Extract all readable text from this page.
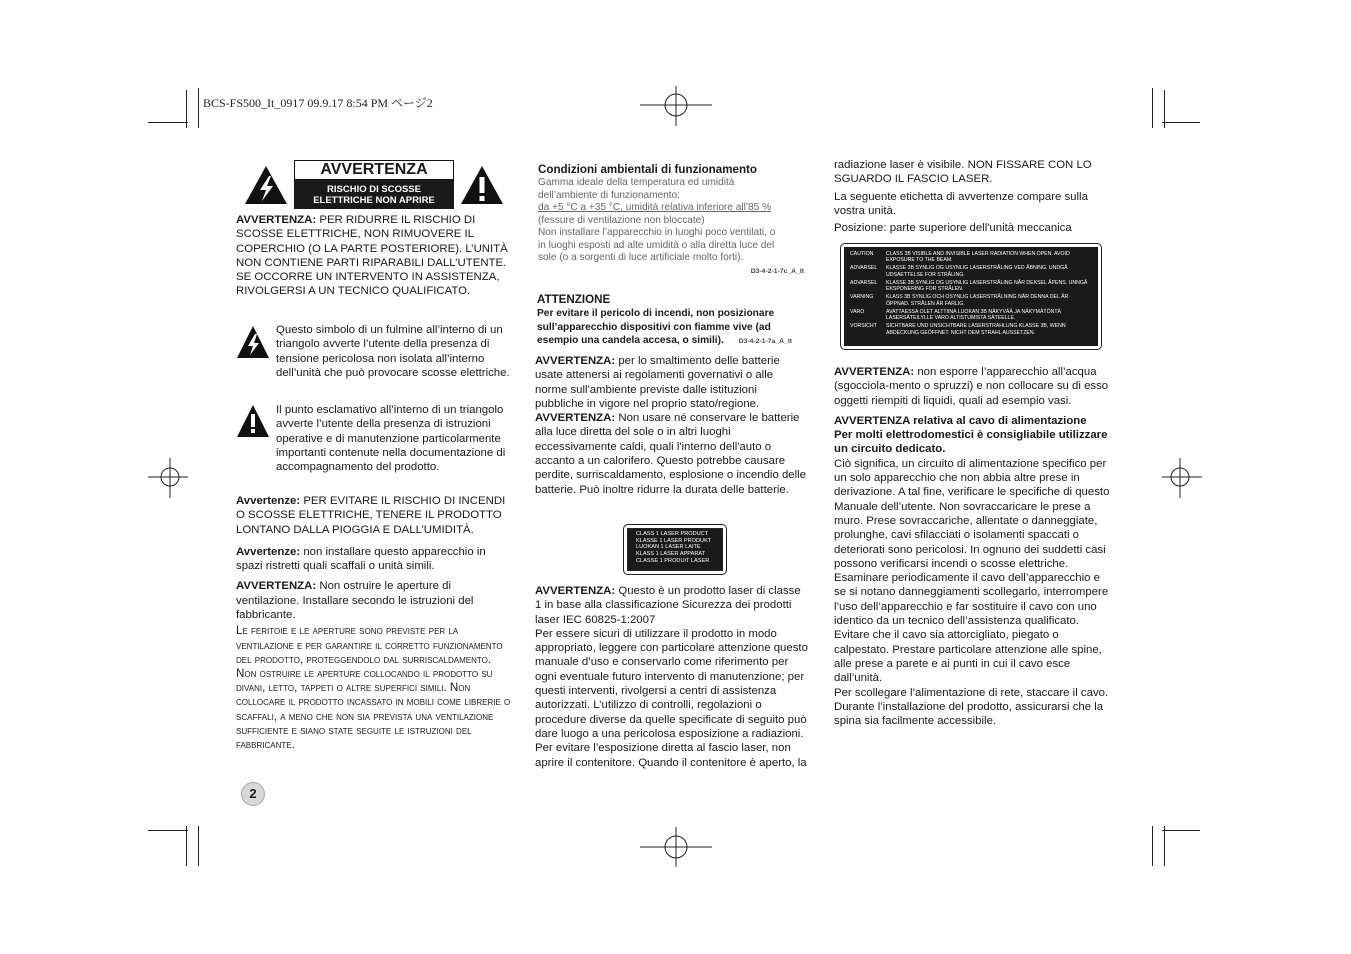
BCS-FS500_It_0917 09.9.17 8:54 PM ページ2
AVVERTENZA
RISCHIO DI SCOSSE
ELETTRICHE NON APRIRE

AVVERTENZA: PER RIDURRE IL RISCHIO DI SCOSSE ELETTRICHE, NON RIMUOVERE IL COPERCHIO (O LA PARTE POSTERIORE). L’UNITÀ NON CONTIENE PARTI RIPARABILI DALL’UTENTE. SE OCCORRE UN INTERVENTO IN ASSISTENZA, RIVOLGERSI A UN TECNICO QUALIFICATO.

Questo simbolo di un fulmine all’interno di un triangolo avverte l’utente della presenza di tensione pericolosa non isolata all’interno dell’unità che può provocare scosse elettriche.
Il punto esclamativo all’interno di un triangolo avverte l’utente della presenza di istruzioni operative e di manutenzione particolarmente importanti contenute nella documentazione di accompagnamento del prodotto.

Avvertenze: PER EVITARE IL RISCHIO DI INCENDI O SCOSSE ELETTRICHE, TENERE IL PRODOTTO LONTANO DALLA PIOGGIA E DALL’UMIDITÀ.

Avvertenze: non installare questo apparecchio in spazi ristretti quali scaffali o unità simili.

AVVERTENZA: Non ostruire le aperture di ventilazione. Installare secondo le istruzioni del fabbricante.

Le feritoie e le aperture sono previste per la ventilazione e per garantire il corretto funzionamento del prodotto, proteggendolo dal surriscaldamento. Non ostruire le aperture collocando il prodotto su divani, letto, tappeti o altre superfici simili. Non collocare il prodotto incassato in mobili come librerie o scaffali, a meno che non sia prevista una ventilazione sufficiente e siano state seguite le istruzioni del fabbricante.

2

Condizioni ambientali di funzionamento

Gamma ideale della temperatura ed umidità
dell’ambiente di funzionamento:
da +5 °C a +35 °C, umidità relativa inferiore all’85 %
(fessure di ventilazione non bloccate)
Non installare l’apparecchio in luoghi poco ventilati, o
in luoghi esposti ad alte umidità o alla diretta luce del
sole (o a sorgenti di luce artificiale molto forti).
D3-4-2-1-7c_A_It

ATTENZIONE

Per evitare il pericolo di incendi, non posizionare sull’apparecchio dispositivi con fiamme vive (ad esempio una candela accesa, o simili). D3-4-2-1-7a_A_It

AVVERTENZA: per lo smaltimento delle batterie usate attenersi ai regolamenti governativi o alle norme sull'ambiente previste dalle istituzioni pubbliche in vigore nel proprio stato/regione.

AVVERTENZA: Non usare né conservare le batterie alla luce diretta del sole o in altri luoghi eccessivamente caldi, quali l'interno dell'auto o accanto a un calorifero. Questo potrebbe causare perdite, surriscaldamento, esplosione o incendio delle batterie. Può inoltre ridurre la durata delle batterie.

CLASS 1 LASER PRODUCT
KLASSE 1 LASER PRODUKT
LUOKAN 1 LASER LAITE
KLASS 1 LASER APPARAT
CLASSE 1 PRODUIT LASER

AVVERTENZA: Questo è un prodotto laser di classe 1 in base alla classificazione Sicurezza dei prodotti laser IEC 60825-1:2007

Per essere sicuri di utilizzare il prodotto in modo appropriato, leggere con particolare attenzione questo manuale d’uso e conservarlo come riferimento per ogni eventuale futuro intervento di manutenzione; per questi interventi, rivolgersi a centri di assistenza autorizzati. L’utilizzo di controlli, regolazioni o procedure diverse da quelle specificate di seguito può dare luogo a una pericolosa esposizione a radiazioni. Per evitare l’esposizione diretta al fascio laser, non aprire il contenitore. Quando il contenitore è aperto, la

radiazione laser è visibile. NON FISSARE CON LO SGUARDO IL FASCIO LASER.

La seguente etichetta di avvertenze compare sulla vostra unità.

Posizione: parte superiore dell'unità meccanica

CAUTION	CLASS 3B VISIBLE AND INVISIBLE LASER RADIATION WHEN OPEN. AVOID EXPOSURE TO THE BEAM.
ADVARSEL	KLASSE 3B SYNLIG OG USYNLIG LASERSTRÅLING VED ÅBNING. UNDGÅ UDSAETTELSE FOR STRÅLING.
ADVARSEL	KLASSE 3B SYNLIG OG USYNLIG LASERSTRÅLING NÅR DEKSEL ÅPENS. UNNGÅ EKSPONERING FOR STRÅLEN.
VARNING	KLASS 3B SYNLIG OCH OSYNLIG LASERSTRÅLNING NÄR DENNA DEL ÄR ÖPPNAD. STRÅLEN ÄR FARLIG.
VARO	AVATTAESSA OLET ALTTIINA LUOKAN 3B NÄKYVÄÄ JA NÄKYMÄTÖNTÄ LASERSÄTEILYLLE VARO ALTISTUMISTA SÄTEELLE.
VORSICHT	SICHTBARE UND UNSICHTBARE LASERSTRAHLUNG KLASSE 3B, WENN ABDECKUNG GEÖFFNET. NICHT DEM STRAHL AUSSETZEN.

AVVERTENZA: non esporre l’apparecchio all’acqua (sgocciola-mento o spruzzi) e non collocare su di esso oggetti riempiti di liquidi, quali ad esempio vasi.

AVVERTENZA relativa al cavo di alimentazione

Per molti elettrodomestici è consigliabile utilizzare un circuito dedicato.

Ciò significa, un circuito di alimentazione specifico per un solo apparecchio che non abbia altre prese in derivazione. A tal fine, verificare le specifiche di questo Manuale dell’utente. Non sovraccaricare le prese a muro. Prese sovraccariche, allentate o danneggiate, prolunghe, cavi sfilacciati o isolamenti spaccati o deteriorati sono pericolosi. In ognuno dei suddetti casi possono verificarsi incendi o scosse elettriche. Esaminare periodicamente il cavo dell’apparecchio e se si notano danneggiamenti scollegarlo, interrompere l’uso dell’apparecchio e far sostituire il cavo con uno identico da un tecnico dell’assistenza qualificato. Evitare che il cavo sia attorcigliato, piegato o calpestato. Prestare particolare attenzione alle spine, alle prese a parete e ai punti in cui il cavo esce dall’unità.

Per scollegare l’alimentazione di rete, staccare il cavo. Durante l’installazione del prodotto, assicurarsi che la spina sia facilmente accessibile.
